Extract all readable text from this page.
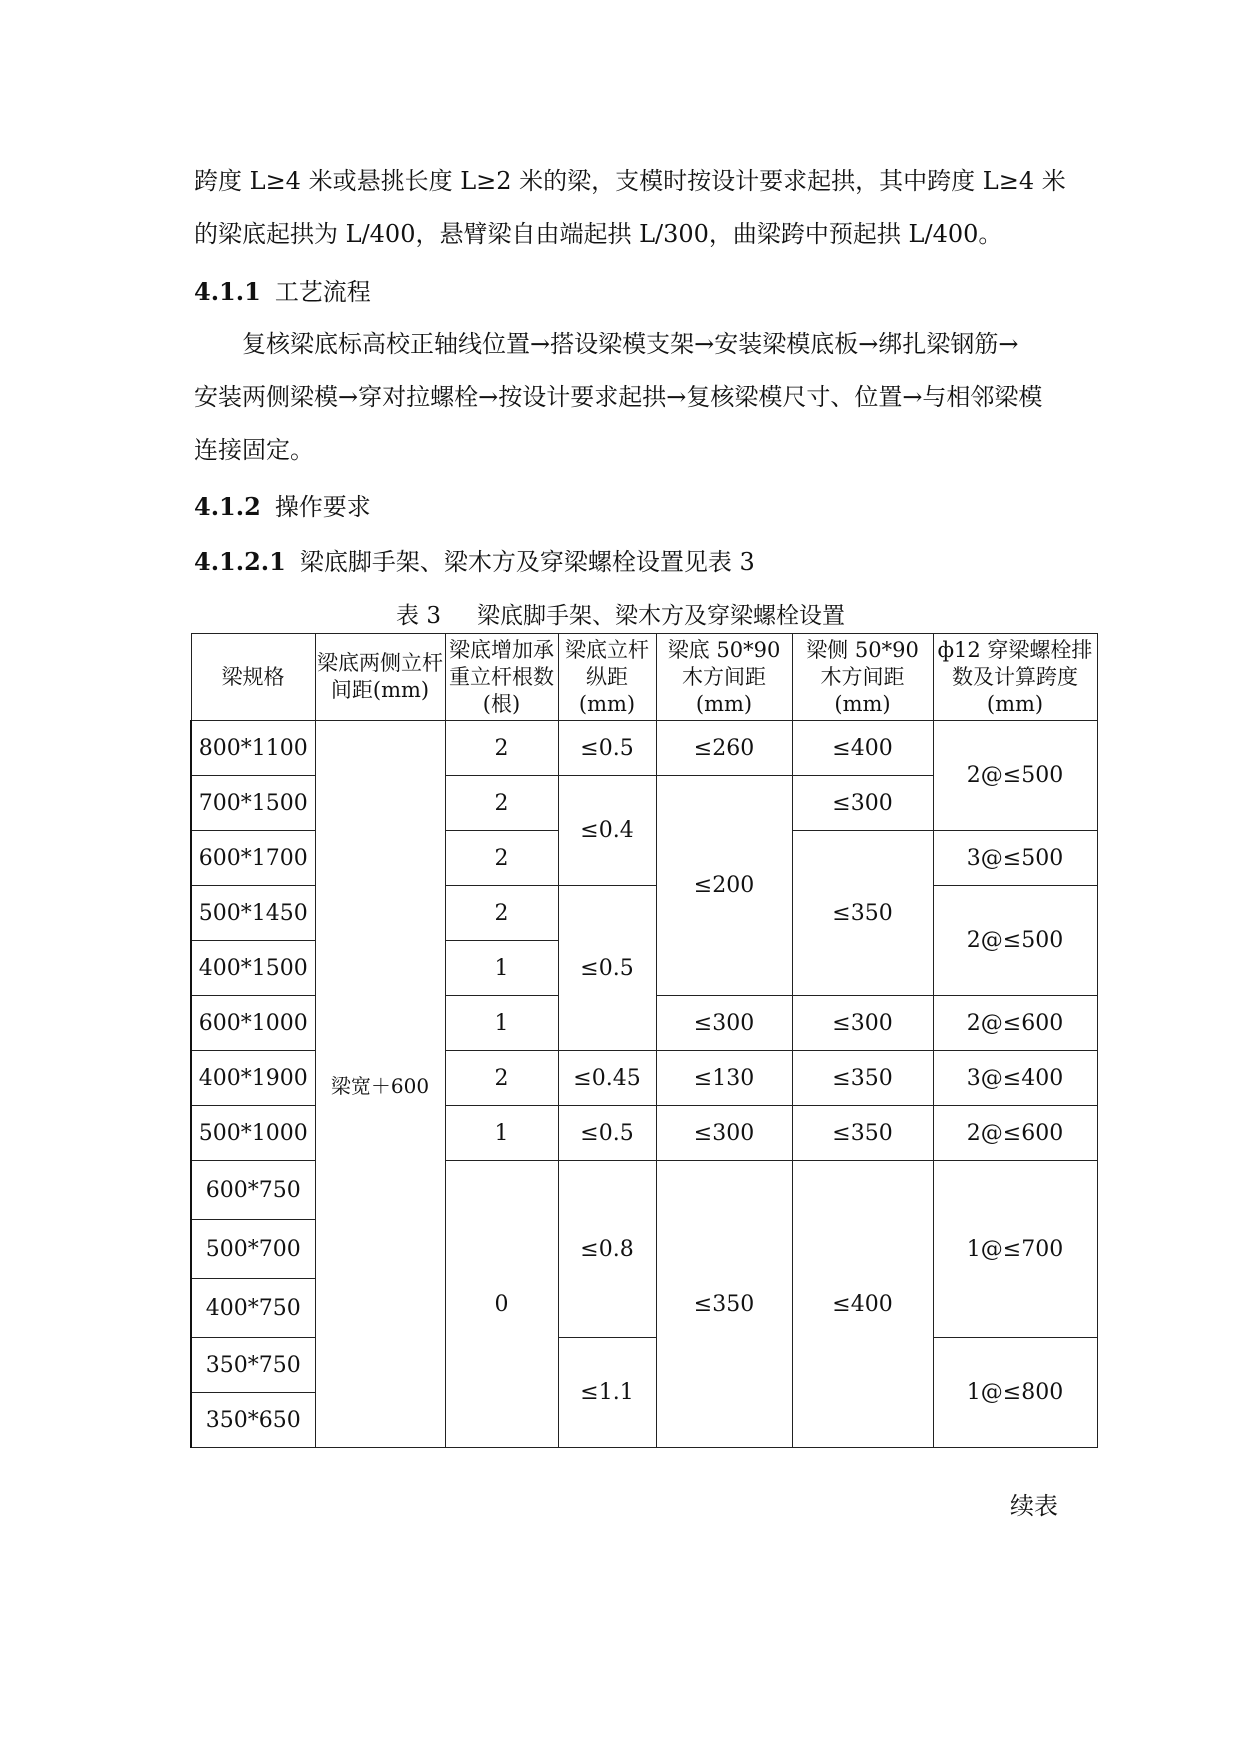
跨度 L≥4 米或悬挑长度 L≥2 米的梁，支模时按设计要求起拱，其中跨度 L≥4 米
的梁底起拱为 L/400，悬臂梁自由端起拱 L/300，曲梁跨中预起拱 L/400。
4.1.1 工艺流程
复核梁底标高校正轴线位置→搭设梁模支架→安装梁模底板→绑扎梁钢筋→
安装两侧梁模→穿对拉螺栓→按设计要求起拱→复核梁模尺寸、位置→与相邻梁模
连接固定。
4.1.2 操作要求
4.1.2.1 梁底脚手架、梁木方及穿梁螺栓设置见表 3
表 3 梁底脚手架、梁木方及穿梁螺栓设置
梁规格	梁底两侧立杆间距(mm)	梁底增加承重立杆根数(根)	梁底立杆纵距(mm)	梁底 50*90 木方间距(mm)	梁侧 50*90 木方间距(mm)	ф12 穿梁螺栓排数及计算跨度(mm)
800*1100	梁宽＋600	2	≤0.5	≤260	≤400	2@≤500
700*1500		2	≤0.4	≤200	≤300	
600*1700		2			≤350	3@≤500
500*1450		2	≤0.5			2@≤500
400*1500		1				
600*1000		1		≤300	≤300	2@≤600
400*1900		2	≤0.45	≤130	≤350	3@≤400
500*1000		1	≤0.5	≤300	≤350	2@≤600
600*750		0	≤0.8	≤350	≤400	1@≤700
500*700						
400*750						
350*750			≤1.1			1@≤800
350*650						
续表
